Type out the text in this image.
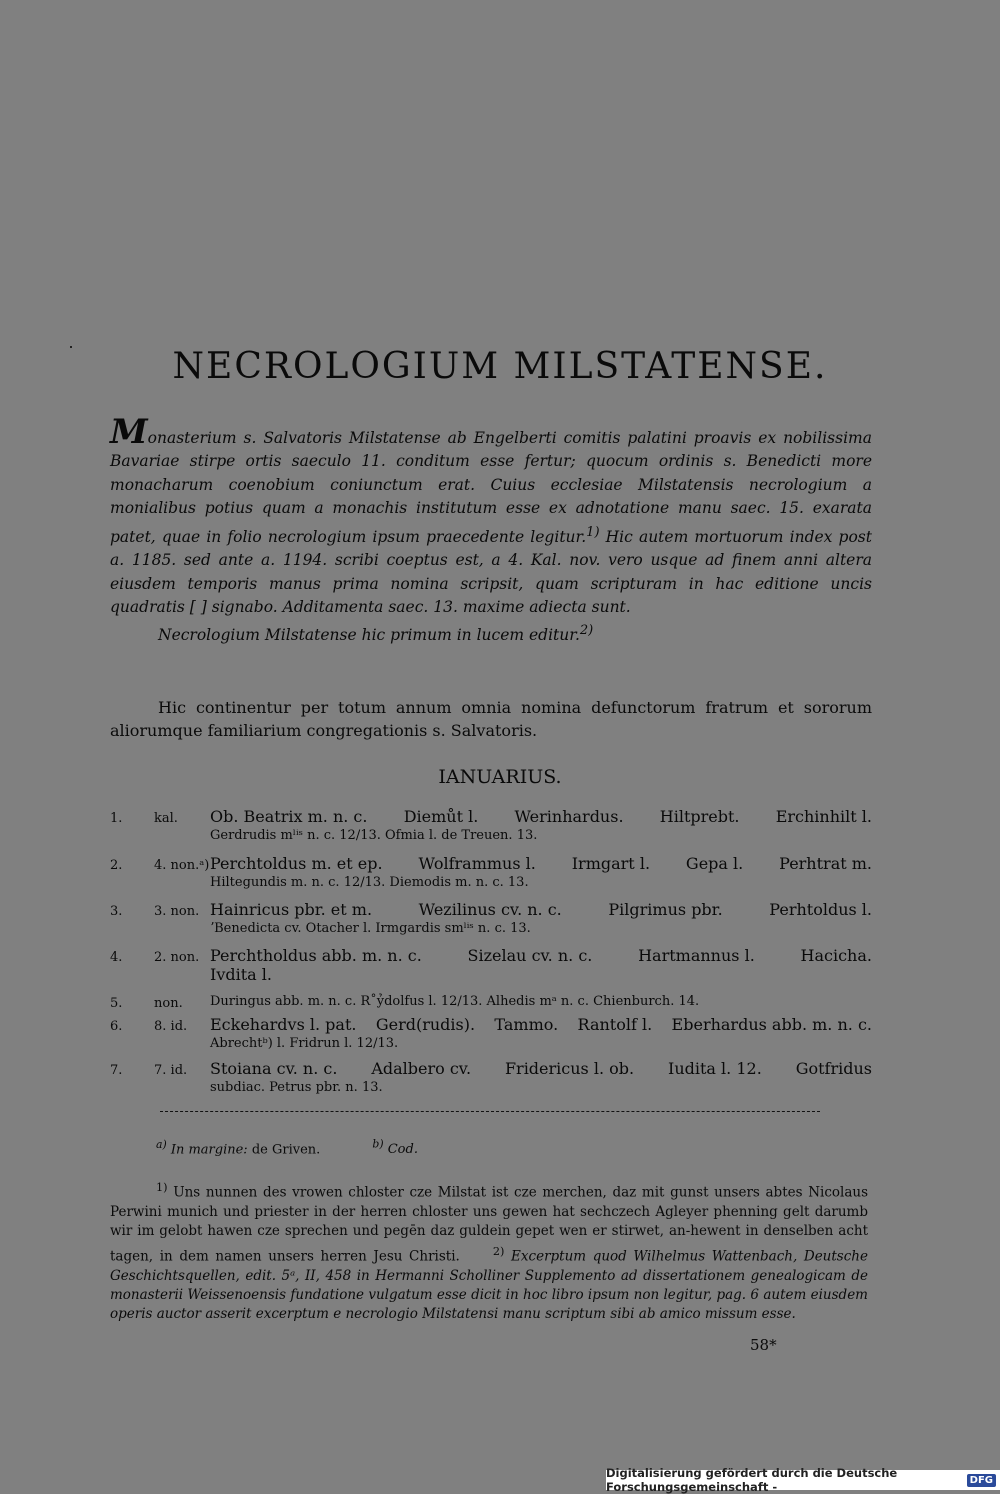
NECROLOGIUM MILSTATENSE.

Monasterium s. Salvatoris Milstatense ab Engelberti comitis palatini proavis ex nobilissima Bavariae stirpe ortis saeculo 11. conditum esse fertur; quocum ordinis s. Benedicti more monacharum coenobium coniunctum erat. Cuius ecclesiae Milstatensis necrologium a monialibus potius quam a monachis institutum esse ex adnotatione manu saec. 15. exarata patet, quae in folio necrologium ipsum praecedente legitur.$^{1)}$ Hic autem mortuorum index post a. 1185. sed ante a. 1194. scribi coeptus est, a 4. Kal. nov. vero usque ad finem anni altera eiusdem temporis manus prima nomina scripsit, quam scripturam in hac editione uncis quadratis [ ] signabo. Additamenta saec. 13. maxime adiecta sunt.

Necrologium Milstatense hic primum in lucem editur.$^{2)}$

Hic continentur per totum annum omnia nomina defunctorum fratrum et sororum aliorumque familiarium congregationis s. Salvatoris.
IANUARIUS.
1.	kal. Ob. Beatrix m. n. c. Diemůt l. Werinhardus. Hiltprebt. Erchinhilt l.
Gerdrudis mˡⁱˢ n. c. 12/13. Ofmia l. de Treuen. 13.
2.	4. non.ᵃ) Perchtoldus m. et ep. Wolframmus l. Irmgart l. Gepa l. Perhtrat m.
Hiltegundis m. n. c. 12/13. Diemodis m. n. c. 13.
3.	3. non. Hainricus pbr. et m.	Wezilinus cv. n. c.	Pilgrimus pbr.	Perhtoldus l.
ʼBenedicta cv. Otacher l. Irmgardis smˡⁱˢ n. c. 13.
4.	2. non. Perchtholdus abb. m. n. c.	Sizelau cv. n. c.	Hartmannus l.	Hacicha.
Ivdita l.
5.	non. Duringus abb. m. n. c. R˚ỷdolfus l. 12/13. Alhedis mᵃ n. c. Chienburch. 14.
6.	8. id. Eckehardvs l. pat. Gerd(rudis). Tammo. Rantolf l. Eberhardus abb. m. n. c.
Abrechtᵇ) l. Fridrun l. 12/13.
7.	7. id. Stoiana cv. n. c. Adalbero cv. Fridericus l. ob. Iudita l. 12. Gotfridus
subdiac. Petrus pbr. n. 13.
$^{a)}$ In margine: de Griven.	$^{b)}$ Cod.
$^{1)}$ Uns nunnen des vrowen chloster cze Milstat ist cze merchen, daz mit gunst unsers abtes Nicolaus Perwini munich und priester in der herren chloster uns gewen hat sechczech Agleyer phenning gelt darumb wir im gelobt hawen cze sprechen und pegēn daz guldein gepet wen er stirwet, an-hewent in denselben acht tagen, in dem namen unsers herren Jesu Christi.	$^{2)}$ Excerptum quod Wilhelmus Wattenbach, Deutsche Geschichtsquellen, edit. 5ᵃ, II, 458 in Hermanni Scholliner Supplemento ad dissertationem genealogicam de monasterii Weissenoensis fundatione vulgatum esse dicit in hoc libro ipsum non legitur, pag. 6 autem eiusdem operis auctor asserit excerptum e necrologio Milstatensi manu scriptum sibi ab amico missum esse.
58*
Digitalisierung gefördert durch die Deutsche Forschungsgemeinschaft -	DFG
